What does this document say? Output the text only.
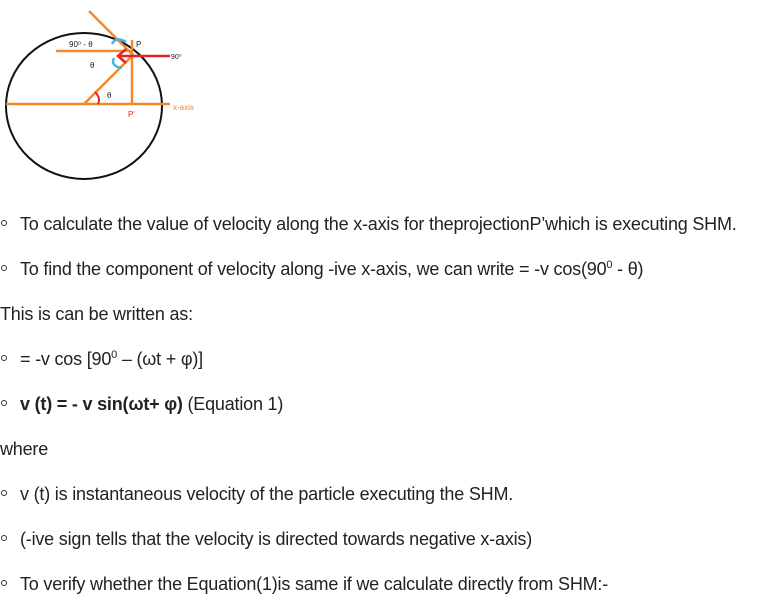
90⁰ - θ	P
90⁰
θ
θ
P'
x-axis
To calculate the value of velocity along the x-axis for theprojectionP’which is executing SHM.
To find the component of velocity along -ive x-axis, we can write = -v $\cos(90^0 - \theta)$
This is can be written as:
= -v $\cos [90^0 - (\omega t + \varphi)]$
v (t) = - v sin(ωt+ φ) (Equation 1)
where
v (t) is instantaneous velocity of the particle executing the SHM.
(-ive sign tells that the velocity is directed towards negative x-axis)
To verify whether the Equation(1)is same if we calculate directly from SHM:-
